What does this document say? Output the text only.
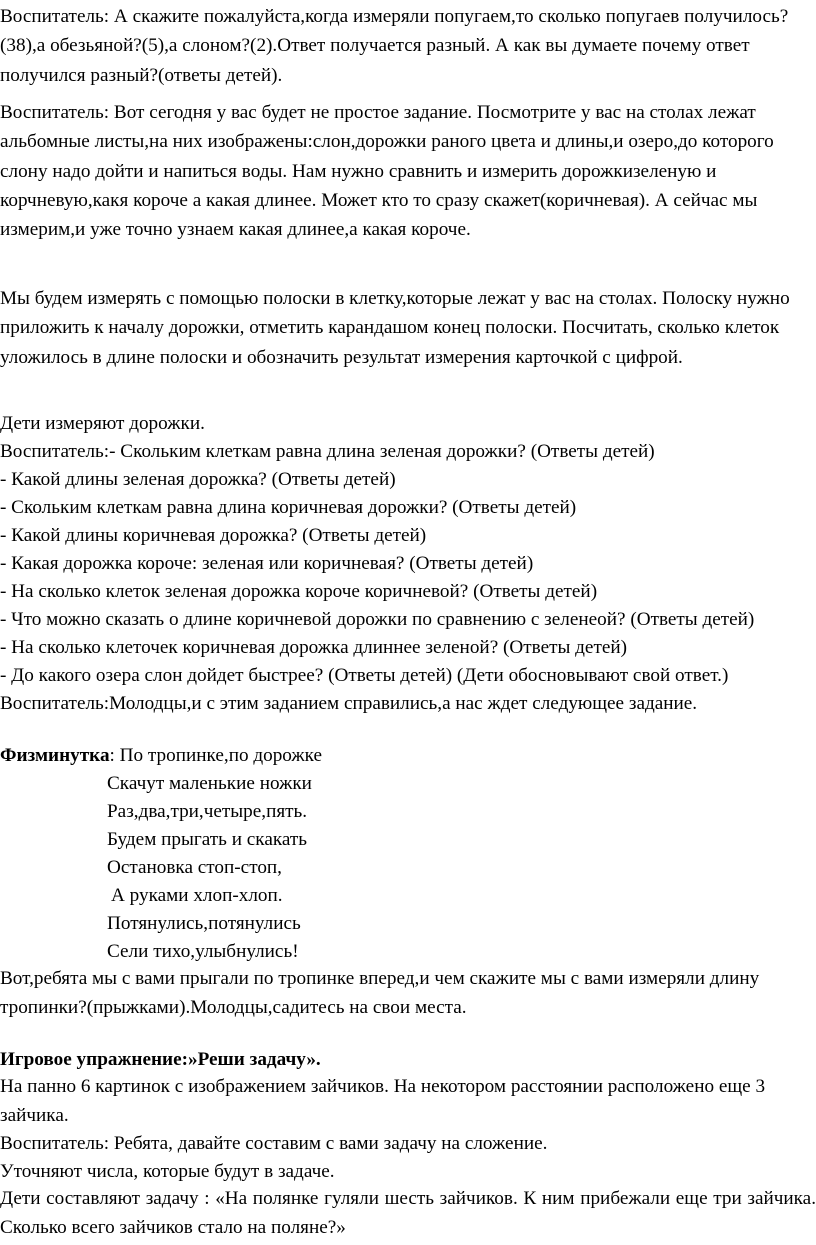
Воспитатель: А скажите пожалуйста,когда измеряли попугаем,то сколько попугаев получилось?(38),а обезьяной?(5),а слоном?(2).Ответ получается разный. А как вы думаете почему ответ получился разный?(ответы детей).

Воспитатель: Вот сегодня у вас будет не простое задание. Посмотрите у вас на столах лежат альбомные листы,на них изображены:слон,дорожки раного цвета и длины,и озеро,до которого слону надо дойти и напиться воды. Нам нужно сравнить и измерить дорожкизеленую и корчневую,какя короче а какая длинее. Может кто то сразу скажет(коричневая). А сейчас мы измерим,и уже точно узнаем какая длинее,а какая короче.

Мы будем измерять с помощью полоски в клетку,которые лежат у вас на столах. Полоску нужно приложить к началу дорожки, отметить карандашом конец полоски. Посчитать, сколько клеток уложилось в длине полоски и обозначить результат измерения карточкой с цифрой.

Дети измеряют дорожки.
Воспитатель:- Скольким клеткам равна длина зеленая дорожки? (Ответы детей)
- Какой длины зеленая дорожка? (Ответы детей)
- Скольким клеткам равна длина коричневая дорожки? (Ответы детей)
- Какой длины коричневая дорожка? (Ответы детей)
- Какая дорожка короче: зеленая или коричневая? (Ответы детей)
- На сколько клеток зеленая дорожка короче коричневой? (Ответы детей)
- Что можно сказать о длине коричневой дорожки по сравнению с зеленеой? (Ответы детей)
- На сколько клеточек коричневая дорожка длиннее зеленой? (Ответы детей)
- До какого озера слон дойдет быстрее? (Ответы детей) (Дети обосновывают свой ответ.)
Воспитатель:Молодцы,и с этим заданием справились,а нас ждет следующее задание.
Физминутка: По тропинке,по дорожке
Скачут маленькие ножки
Раз,два,три,четыре,пять.
Будем прыгать и скакать
Остановка стоп-стоп,
А руками хлоп-хлоп.
Потянулись,потянулись
Сели тихо,улыбнулись!

Вот,ребята мы с вами прыгали по тропинке вперед,и чем скажите мы с вами измеряли длину тропинки?(прыжками).Молодцы,садитесь на свои места.

Игровое упражнение:»Реши задачу».

На панно 6 картинок с изображением зайчиков. На некотором расстоянии расположено еще 3 зайчика.

Воспитатель: Ребята, давайте составим с вами задачу на сложение.
Уточняют числа, которые будут в задаче.

Дети составляют задачу : «На полянке гуляли шесть зайчиков. К ним прибежали еще три зайчика. Сколько всего зайчиков стало на поляне?»
